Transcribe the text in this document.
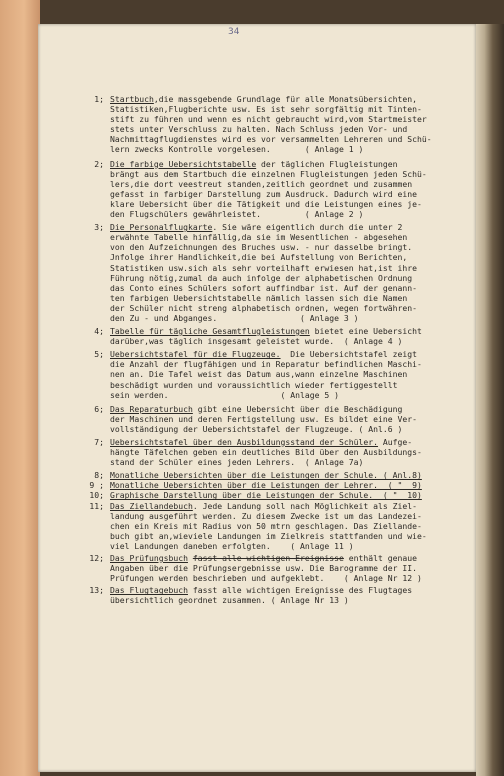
34
1; Startbuch,die massgebende Grundlage für alle Monatsübersichten,
Statistiken,Flugberichte usw. Es ist sehr sorgfältig mit Tinten-
stift zu führen und wenn es nicht gebraucht wird,vom Startmeister
stets unter Verschluss zu halten. Nach Schluss jeden Vor- und
Nachmittagflugdienstes wird es vor versammelten Lehreren und Schü-
lern zwecks Kontrolle vorgelesen.       ( Anlage 1 )
2; Die farbige Uebersichtstabelle der täglichen Flugleistungen
brängt aus dem Startbuch die einzelnen Flugleistungen jeden Schü-
lers,die dort veestreut standen,zeitlich geordnet und zusammen
gefasst in farbiger Darstellung zum Ausdruck. Dadurch wird eine
klare Uebersicht über die Tätigkeit und die Leistungen eines je-
den Flugschülers gewährleistet.         ( Anlage 2 )
3; Die Personalflugkarte. Sie wäre eigentlich durch die unter 2
erwähnte Tabelle hinfällig,da sie im Wesentlichen - abgesehen
von den Aufzeichnungen des Bruches usw. - nur dasselbe bringt.
Jnfolge ihrer Handlichkeit,die bei Aufstellung von Berichten,
Statistiken usw.sich als sehr vorteilhaft erwiesen hat,ist ihre
Führung nötig,zumal da auch infolge der alphabetischen Ordnung
das Conto eines Schülers sofort auffindbar ist. Auf der genann-
ten farbigen Uebersichtstabelle nämlich lassen sich die Namen
der Schüler nicht streng alphabetisch ordnen, wegen fortwähren-
den Zu - und Abganges.                 ( Anlage 3 )
4; Tabelle für tägliche Gesamtflugleistungen bietet eine Uebersicht
darüber,was täglich insgesamt geleistet wurde.  ( Anlage 4 )
5; Uebersichtstafel für die Flugzeuge.  Die Uebersichtstafel zeigt
die Anzahl der flugfähigen und in Reparatur befindlichen Maschi-
nen an. Die Tafel weist das Datum aus,wann einzelne Maschinen
beschädigt wurden und voraussichtlich wieder fertiggestellt
sein werden.                       ( Anlage 5 )
6; Das Reparaturbuch gibt eine Uebersicht über die Beschädigung
der Maschinen und deren Fertigstellung usw. Es bildet eine Ver-
vollständigung der Uebersichtstafel der Flugzeuge. ( Anl.6 )
7; Uebersichtstafel über den Ausbildungsstand der Schüler. Aufge-
hängte Täfelchen geben ein deutliches Bild über den Ausbildungs-
stand der Schüler eines jeden Lehrers.  ( Anlage 7a)
8; Monatliche Uebersichten über die Leistungen der Schule. ( Anl.8)
9 ; Monatliche Uebersichten über die Leistungen der Lehrer.  ( "  9)
10; Graphische Darstellung über die Leistungen der Schule.  ( "  10)
11; Das Ziellandebuch. Jede Landung soll nach Möglichkeit als Ziel-
landung ausgeführt werden. Zu diesem Zwecke ist um das Landezei-
chen ein Kreis mit Radius von 50 mtrn geschlagen. Das Ziellande-
buch gibt an,wieviele Landungen im Zielkreis stattfanden und wie-
viel Landungen daneben erfolgten.    ( Anlage 11 )
12; Das Prüfungsbuch fasst alle wichtigen Ereignisse enthält genaue
Angaben über die Prüfungsergebnisse usw. Die Barogramme der II.
Prüfungen werden beschrieben und aufgeklebt.    ( Anlage Nr 12 )
13; Das Flugtagebuch fasst alle wichtigen Ereignisse des Flugtages
übersichtlich geordnet zusammen. ( Anlage Nr 13 )
